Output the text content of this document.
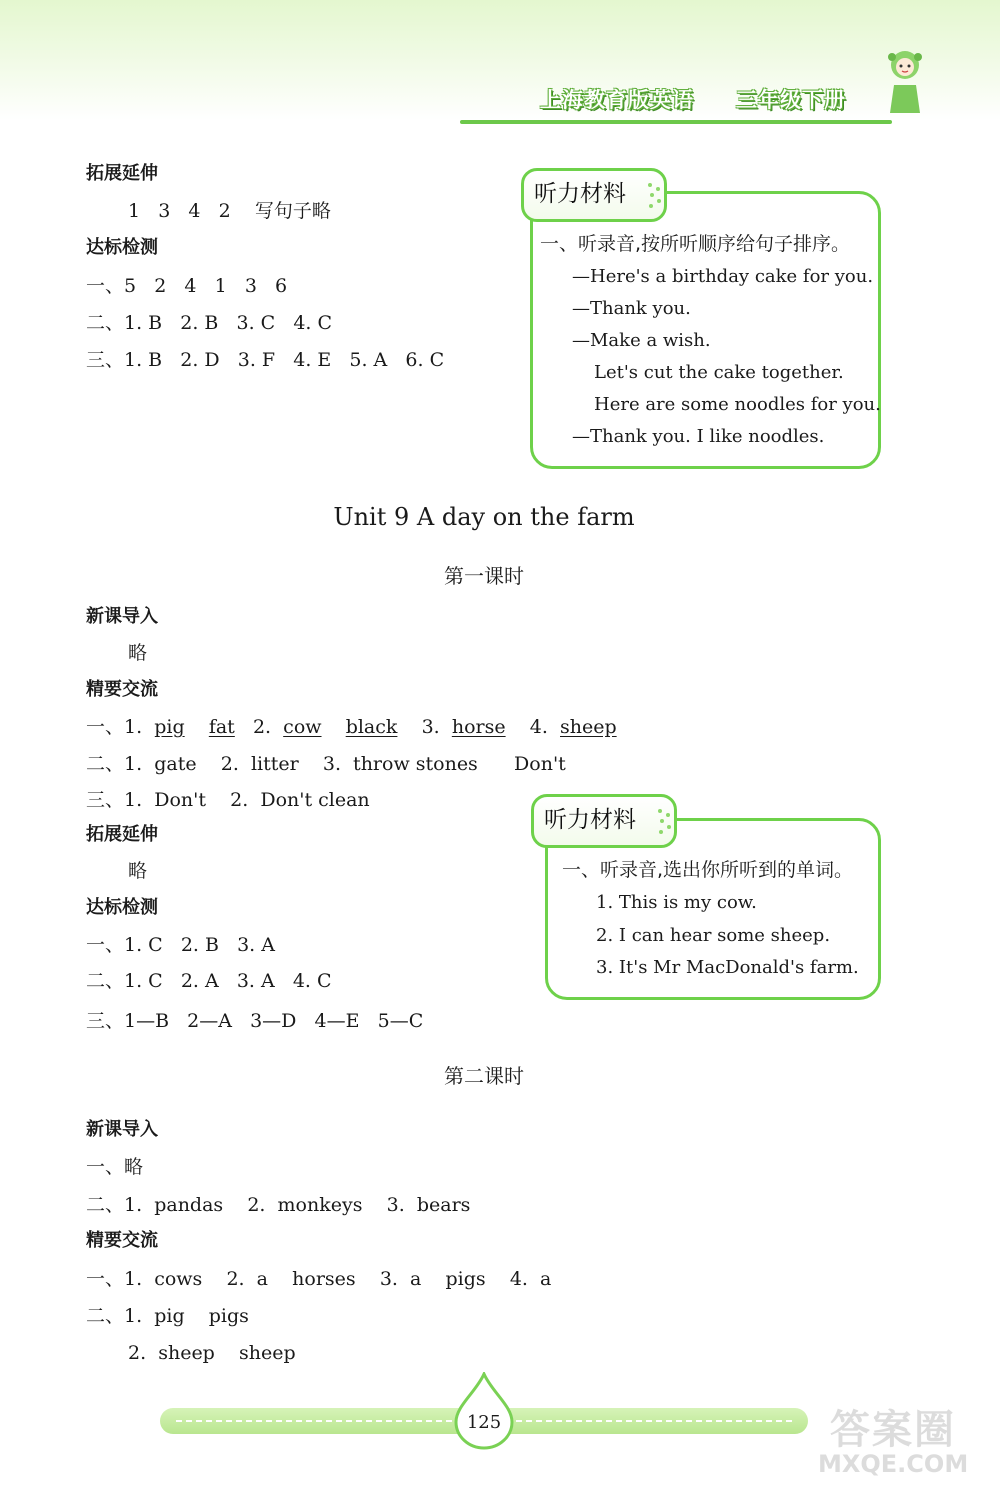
上海教育版英语 三年级下册
拓展延伸
1   3   4   2    写句子略
达标检测
一、5   2   4   1   3   6
二、1. B   2. B   3. C   4. C
三、1. B   2. D   3. F   4. E   5. A   6. C
听力材料
一、听录音,按所听顺序给句子排序。
—Here's a birthday cake for you.
—Thank you.
—Make a wish.
Let's cut the cake together.
Here are some noodles for you.
—Thank you. I like noodles.
Unit 9 A day on the farm
第一课时
新课导入
略
精要交流
一、1. pig fat 2. cow black 3. horse 4. sheep
二、1.  gate    2.  litter    3.  throw stones      Don't
三、1.  Don't    2.  Don't clean
拓展延伸
略
达标检测
一、1. C   2. B   3. A
二、1. C   2. A   3. A   4. C
三、1—B   2—A   3—D   4—E   5—C
听力材料
一、听录音,选出你所听到的单词。
1. This is my cow.
2. I can hear some sheep.
3. It's Mr MacDonald's farm.
第二课时
新课导入
一、略
二、1.  pandas    2.  monkeys    3.  bears
精要交流
一、1.  cows    2.  a    horses    3.  a    pigs    4.  a
二、1.  pig    pigs
2.  sheep    sheep
125	答案圈
MXQE.COM
